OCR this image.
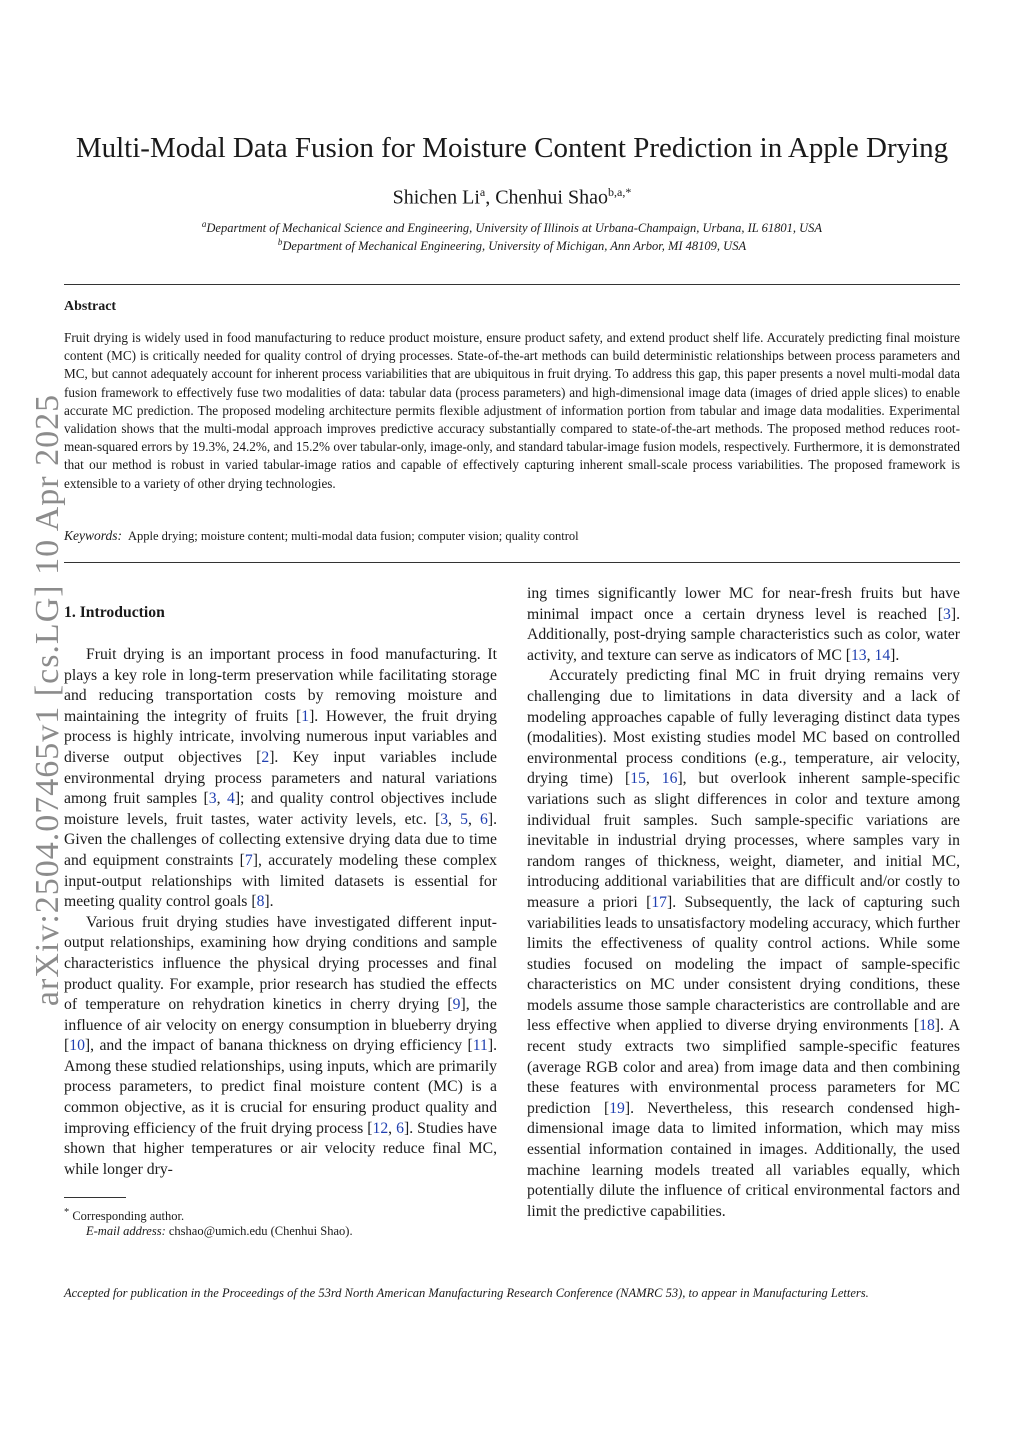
arXiv:2504.07465v1 [cs.LG] 10 Apr 2025
Multi-Modal Data Fusion for Moisture Content Prediction in Apple Drying
Shichen Li$^a$, Chenhui Shao$^{b,a,*}$
$^a$Department of Mechanical Science and Engineering, University of Illinois at Urbana-Champaign, Urbana, IL 61801, USA
$^b$Department of Mechanical Engineering, University of Michigan, Ann Arbor, MI 48109, USA
Abstract
Fruit drying is widely used in food manufacturing to reduce product moisture, ensure product safety, and extend product shelf life. Accurately predicting final moisture content (MC) is critically needed for quality control of drying processes. State-of-the-art methods can build deterministic relationships between process parameters and MC, but cannot adequately account for inherent process variabilities that are ubiquitous in fruit drying. To address this gap, this paper presents a novel multi-modal data fusion framework to effectively fuse two modalities of data: tabular data (process parameters) and high-dimensional image data (images of dried apple slices) to enable accurate MC prediction. The proposed modeling architecture permits flexible adjustment of information portion from tabular and image data modalities. Experimental validation shows that the multi-modal approach improves predictive accuracy substantially compared to state-of-the-art methods. The proposed method reduces root-mean-squared errors by 19.3%, 24.2%, and 15.2% over tabular-only, image-only, and standard tabular-image fusion models, respectively. Furthermore, it is demonstrated that our method is robust in varied tabular-image ratios and capable of effectively capturing inherent small-scale process variabilities. The proposed framework is extensible to a variety of other drying technologies.
Keywords: Apple drying; moisture content; multi-modal data fusion; computer vision; quality control
1. Introduction

Fruit drying is an important process in food manufacturing. It plays a key role in long-term preservation while facilitating storage and reducing transportation costs by removing moisture and maintaining the integrity of fruits [1]. However, the fruit drying process is highly intricate, involving numerous input variables and diverse output objectives [2]. Key input variables include environmental drying process parameters and natural variations among fruit samples [3, 4]; and quality control objectives include moisture levels, fruit tastes, water activity levels, etc. [3, 5, 6]. Given the challenges of collecting extensive drying data due to time and equipment constraints [7], accurately modeling these complex input-output relationships with limited datasets is essential for meeting quality control goals [8].

Various fruit drying studies have investigated different input-output relationships, examining how drying conditions and sample characteristics influence the physical drying processes and final product quality. For example, prior research has studied the effects of temperature on rehydration kinetics in cherry drying [9], the influence of air velocity on energy consumption in blueberry drying [10], and the impact of banana thickness on drying efficiency [11]. Among these studied relationships, using inputs, which are primarily process parameters, to predict final moisture content (MC) is a common objective, as it is crucial for ensuring product quality and improving efficiency of the fruit drying process [12, 6]. Studies have shown that higher temperatures or air velocity reduce final MC, while longer dry-

ing times significantly lower MC for near-fresh fruits but have minimal impact once a certain dryness level is reached [3]. Additionally, post-drying sample characteristics such as color, water activity, and texture can serve as indicators of MC [13, 14].

Accurately predicting final MC in fruit drying remains very challenging due to limitations in data diversity and a lack of modeling approaches capable of fully leveraging distinct data types (modalities). Most existing studies model MC based on controlled environmental process conditions (e.g., temperature, air velocity, drying time) [15, 16], but overlook inherent sample-specific variations such as slight differences in color and texture among individual fruit samples. Such sample-specific variations are inevitable in industrial drying processes, where samples vary in random ranges of thickness, weight, diameter, and initial MC, introducing additional variabilities that are difficult and/or costly to measure a priori [17]. Subsequently, the lack of capturing such variabilities leads to unsatisfactory modeling accuracy, which further limits the effectiveness of quality control actions. While some studies focused on modeling the impact of sample-specific characteristics on MC under consistent drying conditions, these models assume those sample characteristics are controllable and are less effective when applied to diverse drying environments [18]. A recent study extracts two simplified sample-specific features (average RGB color and area) from image data and then combining these features with environmental process parameters for MC prediction [19]. Nevertheless, this research condensed high-dimensional image data to limited information, which may miss essential information contained in images. Additionally, the used machine learning models treated all variables equally, which potentially dilute the influence of critical environmental factors and limit the predictive capabilities.

* Corresponding author.
E-mail address: chshao@umich.edu (Chenhui Shao).
Accepted for publication in the Proceedings of the 53rd North American Manufacturing Research Conference (NAMRC 53), to appear in Manufacturing Letters.
